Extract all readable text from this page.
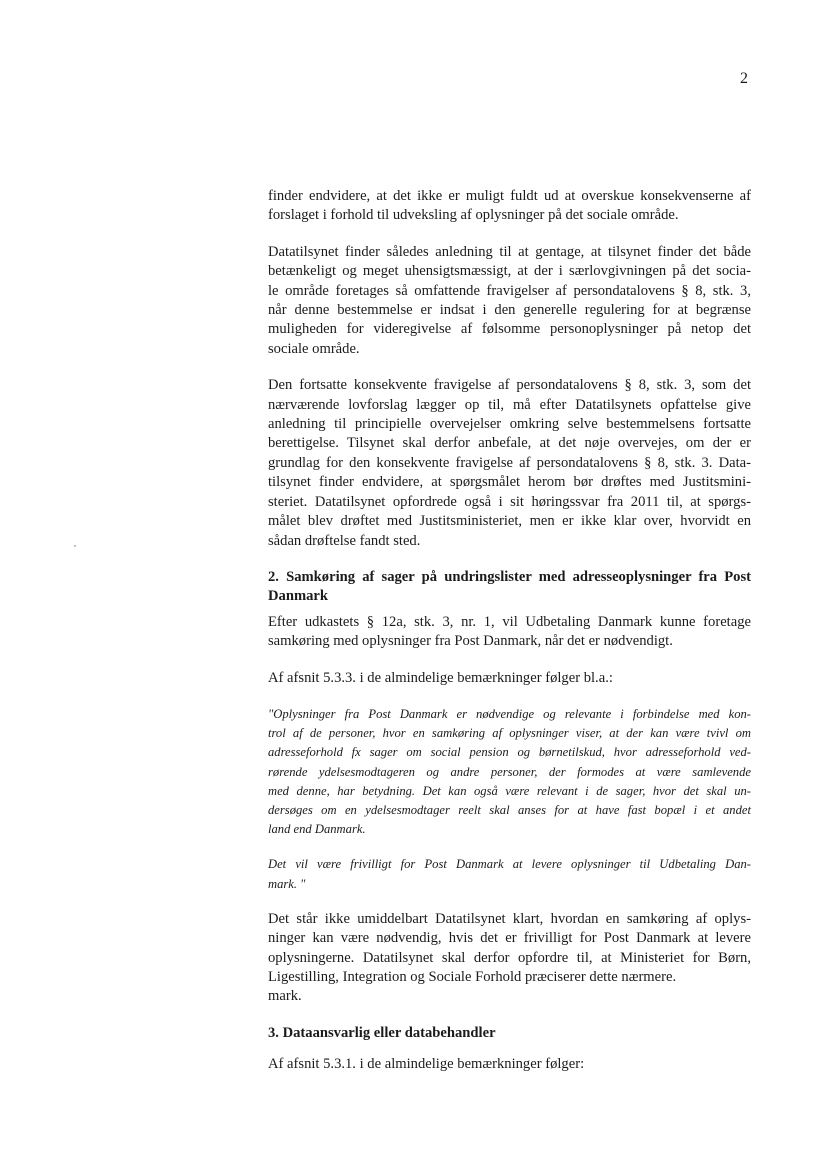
2

finder endvidere, at det ikke er muligt fuldt ud at overskue konsekvenserne af
forslaget i forhold til udveksling af oplysninger på det sociale område.

Datatilsynet finder således anledning til at gentage, at tilsynet finder det både
betænkeligt og meget uhensigtsmæssigt, at der i særlovgivningen på det socia-
le område foretages så omfattende fravigelser af persondatalovens § 8, stk. 3,
når denne bestemmelse er indsat i den generelle regulering for at begrænse
muligheden for videregivelse af følsomme personoplysninger på netop det
sociale område.

Den fortsatte konsekvente fravigelse af persondatalovens § 8, stk. 3, som det
nærværende lovforslag lægger op til, må efter Datatilsynets opfattelse give
anledning til principielle overvejelser omkring selve bestemmelsens fortsatte
berettigelse. Tilsynet skal derfor anbefale, at det nøje overvejes, om der er
grundlag for den konsekvente fravigelse af persondatalovens § 8, stk. 3. Data-
tilsynet finder endvidere, at spørgsmålet herom bør drøftes med Justitsmini-
steriet. Datatilsynet opfordrede også i sit høringssvar fra 2011 til, at spørgs-
målet blev drøftet med Justitsministeriet, men er ikke klar over, hvorvidt en
sådan drøftelse fandt sted.

2. Samkøring af sager på undringslister med adresseoplysninger fra Post
Danmark

Efter udkastets § 12a, stk. 3, nr. 1, vil Udbetaling Danmark kunne foretage
samkøring med oplysninger fra Post Danmark, når det er nødvendigt.

Af afsnit 5.3.3. i de almindelige bemærkninger følger bl.a.:

"Oplysninger fra Post Danmark er nødvendige og relevante i forbindelse med kon-
trol af de personer, hvor en samkøring af oplysninger viser, at der kan være tvivl om
adresseforhold fx sager om social pension og børnetilskud, hvor adresseforhold ved-
rørende ydelsesmodtageren og andre personer, der formodes at være samlevende
med denne, har betydning. Det kan også være relevant i de sager, hvor det skal un-
dersøges om en ydelsesmodtager reelt skal anses for at have fast bopæl i et andet
land end Danmark.

Det vil være frivilligt for Post Danmark at levere oplysninger til Udbetaling Dan-
mark. "

Det står ikke umiddelbart Datatilsynet klart, hvordan en samkøring af oplys-
ninger kan være nødvendig, hvis det er frivilligt for Post Danmark at levere
oplysningerne. Datatilsynet skal derfor opfordre til, at Ministeriet for Børn,
Ligestilling, Integration og Sociale Forhold præciserer dette nærmere.
mark.

3. Dataansvarlig eller databehandler

Af afsnit 5.3.1. i de almindelige bemærkninger følger:
